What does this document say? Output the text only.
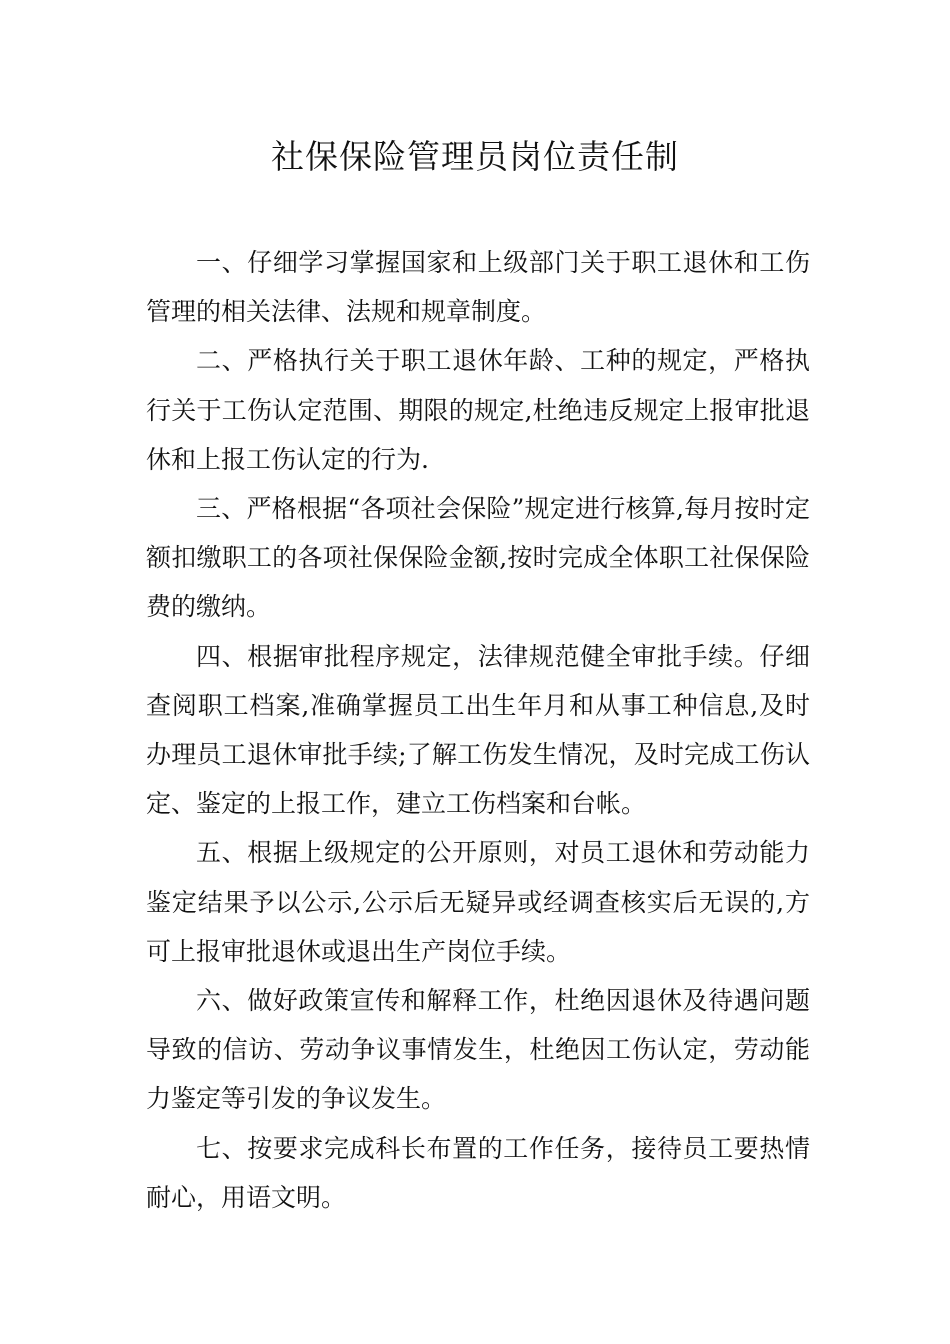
社保保险管理员岗位责任制

一、仔细学习掌握国家和上级部门关于职工退休和工伤管理的相关法律、法规和规章制度。

二、严格执行关于职工退休年龄、工种的规定，严格执行关于工伤认定范围、期限的规定,杜绝违反规定上报审批退休和上报工伤认定的行为.

三、严格根据“各项社会保险”规定进行核算,每月按时定额扣缴职工的各项社保保险金额,按时完成全体职工社保保险费的缴纳。

四、根据审批程序规定，法律规范健全审批手续。仔细查阅职工档案,准确掌握员工出生年月和从事工种信息,及时办理员工退休审批手续;了解工伤发生情况，及时完成工伤认定、鉴定的上报工作，建立工伤档案和台帐。

五、根据上级规定的公开原则，对员工退休和劳动能力鉴定结果予以公示,公示后无疑异或经调查核实后无误的,方可上报审批退休或退出生产岗位手续。

六、做好政策宣传和解释工作，杜绝因退休及待遇问题导致的信访、劳动争议事情发生，杜绝因工伤认定，劳动能力鉴定等引发的争议发生。

七、按要求完成科长布置的工作任务，接待员工要热情耐心，用语文明。
